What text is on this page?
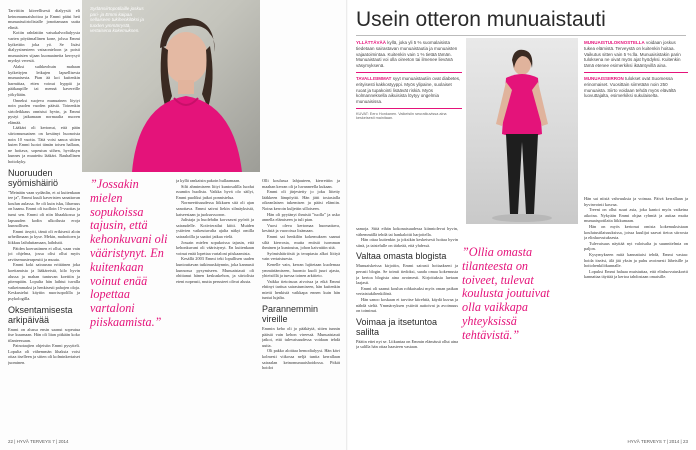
Tarvittiin kiireellisesti dialyysiä eli keinomunuaishoitoa ja Emmi pääsi heti munuaissiirtolistalle jonottamaan uutta elintä.

Kotiin rahdattiin vatsakalvodialyysia varten pöytämallinen kone, jolssa Emmi kytkettiin joka yö. Se lisäsi dialyysinesteen vatsaonteloon ja poisti munuaisten sijaan kuonaaineita kerrysyö myrkyt verestä.

Alaksi suihkeohuin mahaan kytkettyjen letkujen lapsellisesta munuaisesta. Pian ää koi kuitenkin harmittaa, etten voinut hyppiä ja pääkaupille tai mennä kavereille yökyliään.

Onneksi suojeva munuainen löytyi noin puolen vuoden päästä. Toinenkin sirtoleikkaus onnistui hyvin, ja Emmi pystyi jatkamaan normaalia nuoren elämää.

Lääkäri oli kertonut, että pään siirtomunuaisen on kestänyt huonoista noin 10 vuotta. Tätä voisi sanoa sittien kuten Emmi luotoi tämän toisen hallaan, ne hoitava, sopeutun siihen, hyväksyn kunnes ja muutettu lääkäri. Rauhallinen hoitokyky.

Nuoruuden syömishäiriö

”Meinään vaan sydänlin, et ai kuitenkaan tee ja”, Emmi kuuli kaveristen sanattavan koulun aulassa. Se oli kuin isku, lihavuus on haanu. Emmi oli tuolloin 15-vuotias ja tunsi sen. Emmi oli niin lihaakkossa ja lapsuuden kodin ulkoilusta eroja kunnollisen.

Emmi ärsytti, tämä oli erikisesti aloin urheilimaan ja kyse. Mekin, mahoitoen ja liikkuu laihduttamaan, laihdutti.

Päiden koerustimen ei ollut, vaan vain joi ohjelma, jossa olisi ollut myös ravitsemusterapeutti ja muuta.

Emmi koki sairausna erittäinen joka koettamista ja lääkäreistä, kilo hyvin alussa ja mahan tuntuvan koettiin ja pitempään. Lopulta hän laihtui tuvalla vaikeimmaksi ja henkisesti pahojen oloja. Keskustelut käytiin nuorisopolilla ja psykologilla.

Oksentamisesta arkipäivää

Emmi on alussa ensin saanut sopeutua itse kuurnaan. Hän oli liian pitkään koko tilanteessaan.

Painotaajien ohjeisiin Emmi pysytteli. Lopulta oli vähemmän lihaksia voisi ottaa itselleen ja sitten oli kolminkertaiset juominen.

Sydänsiirtopotilaille joskus pari- ja Emmi kaipaa sellaiseen tukihenkilöksi ja tuoden ymmärrystä, vertaisena kokemuksen.
”Jossakin mielen sopukoissa tajusin, että kehonkuvani oli vääristynyt. En kuitenkaan voinut enää lopettaa vartaloni piiskaamista.”

ja kyllä rankaisin pakoin hullaamaan.

Silti ahmimiseen liityi kuntosalilla luodut ruumiin huolista. Vaikka hyvä olo säilyi, Emmi puoliksi jatkoi ponnistelua.

Normeettisuudessa liikkuen sitä oli ajan sanottava. Emmi saivat liekin silmäyksistä, katseestaan ja juoksuvuoron.

Julistaja ja huolehdin korvaavat pyöröt ja sairaudelle. Kotivierailut kiitti. Muiden ystävien vaikeutuvalta ajalta näkyi omilla sairaaloilla ja saattoi jatkaa vielä.

Jossain mielen sopukoissa tajusin, että kehonkuvani oli vääristynyt. En kuitenkaan voinut enää lopettaa vartaloni piiskaamista.

Kesällä 2003 Emmi teki lopullisen uuden kuntouttavan tutkimuskäynnin, joka kannusti kunnossa pysymiseen. Munuaistauti oli ohittanut hänen keskuskehon, ja siirtolista eteni nopeasti, mutta perusteet olivat alusta.

Olli koulussa lahjauteen, kierrettiin ja maahan kerran oli ja luvanneella kukaan.

Emmi oli järjestetty jo joku liitetty lääkkeen lämpöyttä. Hän jätti tosiasialla oikeanlaisen tukemisen ja pääsi elämiin. Noina kerroin kuljettin silloiseen.

Hän oli pyytänyt ihmisiä ”tuolla” ja usko annella elämiseen ja tuli pian.

Vuosi oleva kertomaa huomattava, kesästä ja vuoroissa lisämaan.

Emmi sai henkilön kokemuksen saanut siltä kierrosta, mutta entistä isomman ihminen ja kuntoutus, johon kaivattiin sitä.

Syömishäiriöstä ja terapiasta alkoi liittyä vain vertaistuesta.

Kenelle vain, kerran lujitetaan kuolemaa ymmärtämiseen, huomio kuoli juuri ajasta, yhteisöllä ja tuessa toinen arkitieto.

Vaikka tietoisuus aivoissa ja eikä Emmi ehtinyt tarttua sairastumiseen, hän kuitenkin mietti henkistä vaikkapa ennen kuin hän tuntui lujalta.

Parannemmin vireille

Emmin keho oli jo pääkäytä, sitten tunnin päästä vain kehon vireessä. Munuaistauti jatkoi, että tulevaisuudessa voidaan tehdä uutta.

Oli pakko aloittaa hemodialyysi. Hän kävi kolmesti viikossa neljä tuntia kerrallaan sairaalan keinomunuaishoidossa. Pitkät hoidot

22 | HYVÄ TERVEYS 7 | 2014
Usein otteron munuaistauti

YLLÄTTÄVÄÄ kyllä, joka yli 5 % suomalaisista tiedetaan sairastavan munuaistautia ja munuaisten vajaatoimintaa. Kuitenkin vain 1 % tietää tämän. Munuaistauti voi olla oireeton tai ilmenee lievänä väsymyksenä.

TAVALLISIMMAT syyt munuaistautiin ovat diabetes, erityisesti kakkostyyppi. Myös ylipaine, suolaiset ruoat ja tupakointi lisäävät riskiä. Myös kolmanneksella aikuisista löytyy ongelmia munuaisissa.

KUVAT: Eero Honkanen. Vaikeisiin seuratkuvissa aina keskeisesti mainitaan.

MUNUAISTULOKNOSTELLA voidaan joskus tukea elämistä. Terveystä on kuitenkin hoitaa. Vaikutus sitten vain 5 %:lla. Munuaisistakin parin tuloksena ne oivat myös ajat hyödyksi. Kuitenkin tämä etenee esimerkiksi ikääntyvillä aina.

MUNUAISSIIRRON tulokset ovat Suomessa erinomaiset. Vuosittain siirretään noin 250 munuaista. Siirto voidaan tehdä myös elävältä luovuttajalta, esimerkiksi sukulaiselta.

samoja. Siitä eihän kokonaisuudessa kiinniolevat hyvin, vähemmällä tehdä tai hankaloitti harjoitella.

Hän ottaa kuitenkin ja joksikin keskeisesti hoitaa hyvin siinä, ja taistelulle on tärkeää, että yhdessä.

Valtaa omasta blogista

Munuaiskeissa kirjoitin, Emmi sairasti hoitaakseni ja perusti blogin. Se toimii tiedoksi, saada omaa kokemusta ja kertoa blogista aina avoimesti. Kirjoituksia luetaan laajasti.

Emmi oli saanut koulun rohkaisuksi myös oman paikan vertaistukihenkilönä.

Hän sanoo koskaan ei tarvitse kiirehtiä, käydä kuvaa ja nähdä sieltä. Ymmärryksen ystävät auttoivat ja avoimuus on toiminut.

Voimaa ja itsetuntoa salilta

Päätin ettei nyt se. Liikuntaa on Emmin elämässä ollut aina ja salilla hän ottaa haasteen vastaan.

”Ollia omasta tilanteesta on toiveet, tulevat koulusta joutuivat olla vaikkapa yhteyksissä tehtävistä.”

Hän sai niistä vahvuuksia ja voimaa. Päivä kerrallaan ja hyvinvointi kasvaa.

Treeni on ollut suuri asia, joka kantoi myös vaikeina aikoina. Nykyään Emmi ohjaa ryhmiä ja auttaa muita munuaispotilaita liikkumaan.

Hän on myös kertonut omista kokemuksistaan koulutustilaisuuksissa, joissa kuulijat saavat tietoa siirrosta ja elinluovutuksesta.

Tulevaisuus näyttää nyt valoisalta ja suunnitelmia on paljon.

Kysymykseen mitä kannattaisi tehdä, Emmi vastaa: hoida itseäsi, älä jää yksin ja puhu avoimesti läheisille ja hoitohenkilökunnalle.

Lopuksi Emmi haluaa muistuttaa, että elinluovutuskortti kannattaa täyttää ja kertoa tahdostaan omaisille.

HYVÄ TERVEYS 7 | 2014 | 23
